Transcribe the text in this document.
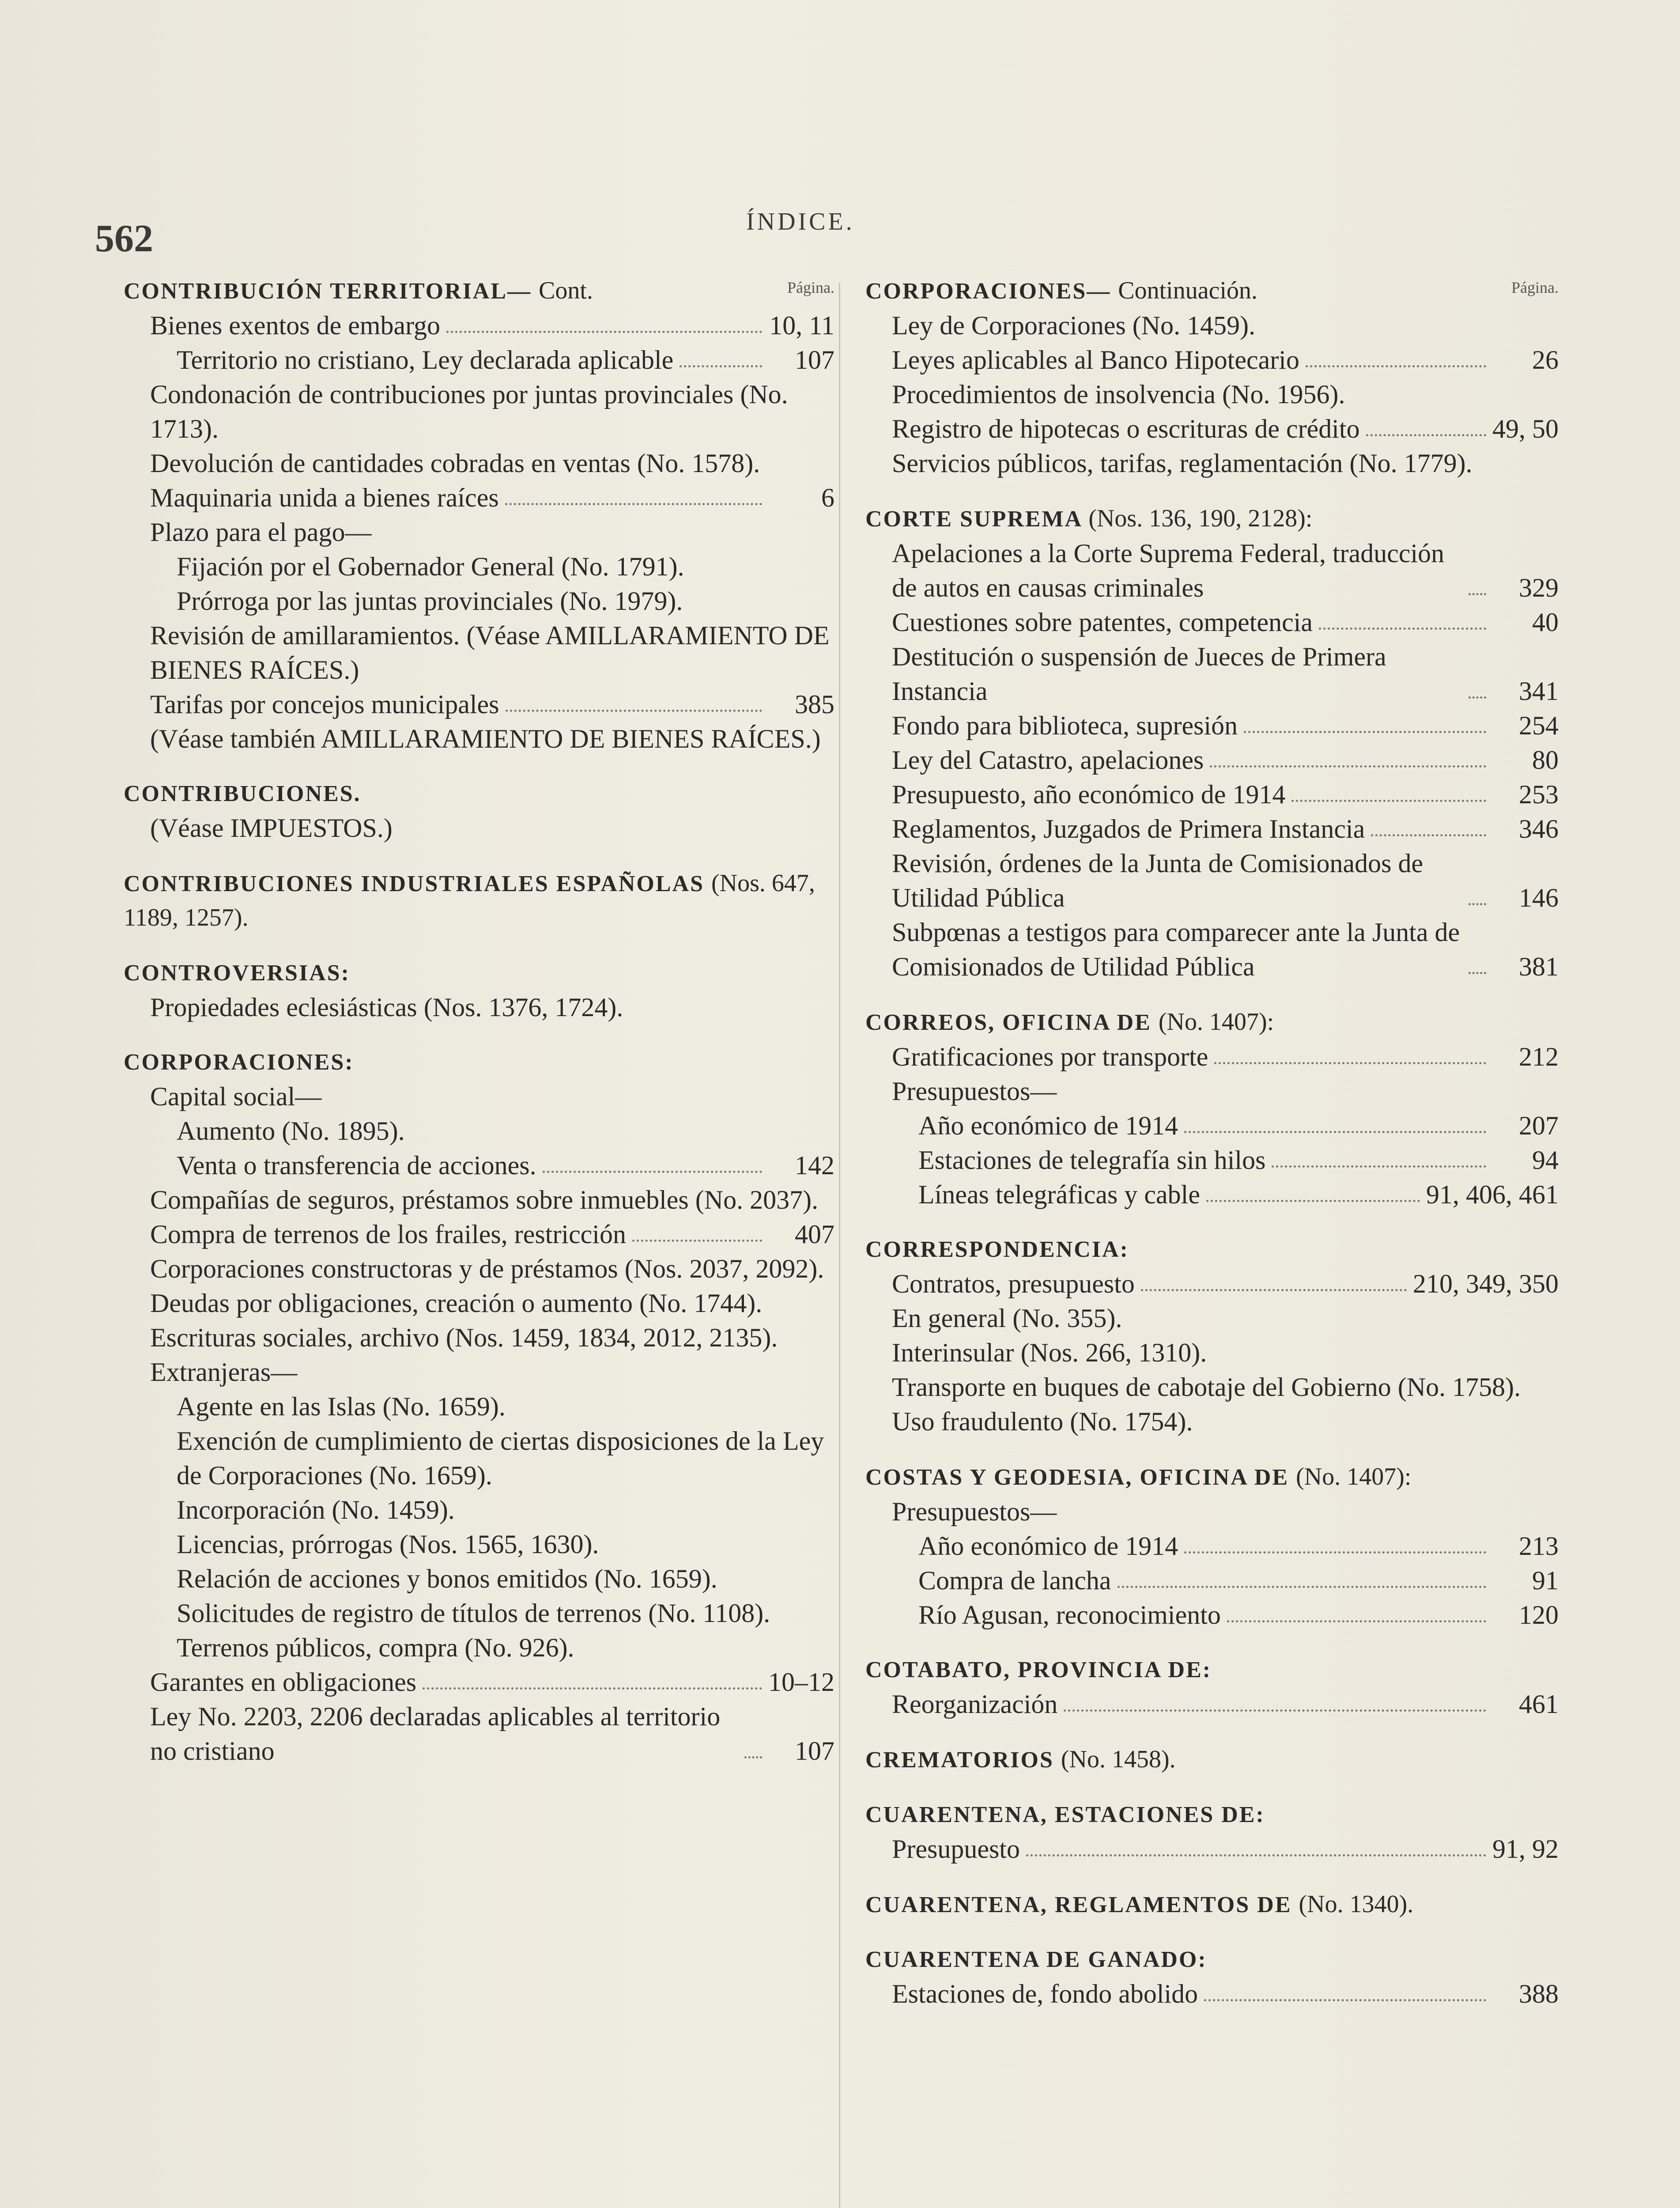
562	ÍNDICE.
Página.
CONTRIBUCIÓN TERRITORIAL— Cont.
Bienes exentos de embargo	10, 11
Territorio no cristiano, Ley declarada aplicable	107
Condonación de contribuciones por juntas provinciales (No. 1713).
Devolución de cantidades cobradas en ventas (No. 1578).
Maquinaria unida a bienes raíces	6
Plazo para el pago—
Fijación por el Gobernador General (No. 1791).
Prórroga por las juntas provinciales (No. 1979).
Revisión de amillaramientos. (Véase AMILLARAMIENTO DE BIENES RAÍCES.)
Tarifas por concejos municipales	385
(Véase también AMILLARAMIENTO DE BIENES RAÍCES.)
CONTRIBUCIONES.
(Véase IMPUESTOS.)
CONTRIBUCIONES INDUSTRIALES ESPAÑOLAS (Nos. 647, 1189, 1257).
CONTROVERSIAS:
Propiedades eclesiásticas (Nos. 1376, 1724).
CORPORACIONES:
Capital social—
Aumento (No. 1895).
Venta o transferencia de acciones.	142
Compañías de seguros, préstamos sobre inmuebles (No. 2037).
Compra de terrenos de los frailes, restricción	407
Corporaciones constructoras y de préstamos (Nos. 2037, 2092).
Deudas por obligaciones, creación o aumento (No. 1744).
Escrituras sociales, archivo (Nos. 1459, 1834, 2012, 2135).
Extranjeras—
Agente en las Islas (No. 1659).
Exención de cumplimiento de ciertas disposiciones de la Ley de Corporaciones (No. 1659).
Incorporación (No. 1459).
Licencias, prórrogas (Nos. 1565, 1630).
Relación de acciones y bonos emitidos (No. 1659).
Solicitudes de registro de títulos de terrenos (No. 1108).
Terrenos públicos, compra (No. 926).
Garantes en obligaciones	10–12
Ley No. 2203, 2206 declaradas aplicables al territorio no cristiano	107
Página.
CORPORACIONES— Continuación.
Ley de Corporaciones (No. 1459).
Leyes aplicables al Banco Hipotecario	26
Procedimientos de insolvencia (No. 1956).
Registro de hipotecas o escrituras de crédito	49, 50
Servicios públicos, tarifas, reglamentación (No. 1779).
CORTE SUPREMA (Nos. 136, 190, 2128):
Apelaciones a la Corte Suprema Federal, traducción de autos en causas criminales	329
Cuestiones sobre patentes, competencia	40
Destitución o suspensión de Jueces de Primera Instancia	341
Fondo para biblioteca, supresión	254
Ley del Catastro, apelaciones	80
Presupuesto, año económico de 1914	253
Reglamentos, Juzgados de Primera Instancia	346
Revisión, órdenes de la Junta de Comisionados de Utilidad Pública	146
Subpœnas a testigos para comparecer ante la Junta de Comisionados de Utilidad Pública	381
CORREOS, OFICINA DE (No. 1407):
Gratificaciones por transporte	212
Presupuestos—
Año económico de 1914	207
Estaciones de telegrafía sin hilos	94
Líneas telegráficas y cable	91, 406, 461
CORRESPONDENCIA:
Contratos, presupuesto	210, 349, 350
En general (No. 355).
Interinsular (Nos. 266, 1310).
Transporte en buques de cabotaje del Gobierno (No. 1758).
Uso fraudulento (No. 1754).
COSTAS Y GEODESIA, OFICINA DE (No. 1407):
Presupuestos—
Año económico de 1914	213
Compra de lancha	91
Río Agusan, reconocimiento	120
COTABATO, PROVINCIA DE:
Reorganización	461
CREMATORIOS (No. 1458).
CUARENTENA, ESTACIONES DE:
Presupuesto	91, 92
CUARENTENA, REGLAMENTOS DE (No. 1340).
CUARENTENA DE GANADO:
Estaciones de, fondo abolido	388
